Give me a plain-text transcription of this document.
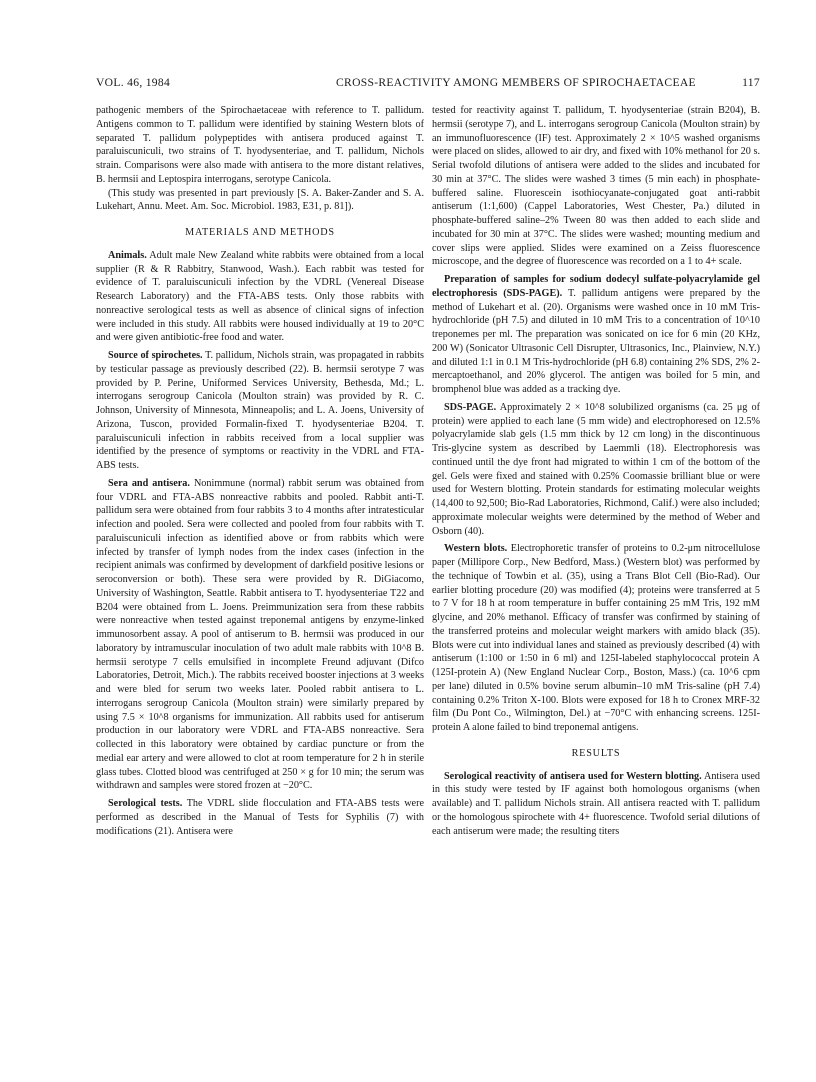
VOL. 46, 1984	CROSS-REACTIVITY AMONG MEMBERS OF SPIROCHAETACEAE	117

pathogenic members of the Spirochaetaceae with reference to T. pallidum. Antigens common to T. pallidum were identified by staining Western blots of separated T. pallidum polypeptides with antisera produced against T. paraluiscuniculi, two strains of T. hyodysenteriae, and T. pallidum, Nichols strain. Comparisons were also made with antisera to the more distant relatives, B. hermsii and Leptospira interrogans, serotype Canicola.

(This study was presented in part previously [S. A. Baker-Zander and S. A. Lukehart, Annu. Meet. Am. Soc. Microbiol. 1983, E31, p. 81]).

MATERIALS AND METHODS

Animals. Adult male New Zealand white rabbits were obtained from a local supplier (R & R Rabbitry, Stanwood, Wash.). Each rabbit was tested for evidence of T. paraluiscuniculi infection by the VDRL (Venereal Disease Research Laboratory) and the FTA-ABS tests. Only those rabbits with nonreactive serological tests as well as absence of clinical signs of infection were included in this study. All rabbits were housed individually at 19 to 20°C and were given antibiotic-free food and water.

Source of spirochetes. T. pallidum, Nichols strain, was propagated in rabbits by testicular passage as previously described (22). B. hermsii serotype 7 was provided by P. Perine, Uniformed Services University, Bethesda, Md.; L. interrogans serogroup Canicola (Moulton strain) was provided by R. C. Johnson, University of Minnesota, Minneapolis; and L. A. Joens, University of Arizona, Tuscon, provided Formalin-fixed T. hyodysenteriae B204. T. paraluiscuniculi infection in rabbits received from a local supplier was identified by the presence of symptoms or reactivity in the VDRL and FTA-ABS tests.

Sera and antisera. Nonimmune (normal) rabbit serum was obtained from four VDRL and FTA-ABS nonreactive rabbits and pooled. Rabbit anti-T. pallidum sera were obtained from four rabbits 3 to 4 months after intratesticular infection and pooled. Sera were collected and pooled from four rabbits with T. paraluiscuniculi infection as identified above or from rabbits which were infected by transfer of lymph nodes from the index cases (infection in the recipient animals was confirmed by development of darkfield positive lesions or seroconversion or both). These sera were provided by R. DiGiacomo, University of Washington, Seattle. Rabbit antisera to T. hyodysenteriae T22 and B204 were obtained from L. Joens. Preimmunization sera from these rabbits were nonreactive when tested against treponemal antigens by enzyme-linked immunosorbent assay. A pool of antiserum to B. hermsii was produced in our laboratory by intramuscular inoculation of two adult male rabbits with 10^8 B. hermsii serotype 7 cells emulsified in incomplete Freund adjuvant (Difco Laboratories, Detroit, Mich.). The rabbits received booster injections at 3 weeks and were bled for serum two weeks later. Pooled rabbit antisera to L. interrogans serogroup Canicola (Moulton strain) were similarly prepared by using 7.5 × 10^8 organisms for immunization. All rabbits used for antiserum production in our laboratory were VDRL and FTA-ABS nonreactive. Sera collected in this laboratory were obtained by cardiac puncture or from the medial ear artery and were allowed to clot at room temperature for 2 h in sterile glass tubes. Clotted blood was centrifuged at 250 × g for 10 min; the serum was withdrawn and samples were stored frozen at −20°C.

Serological tests. The VDRL slide flocculation and FTA-ABS tests were performed as described in the Manual of Tests for Syphilis (7) with modifications (21). Antisera were

tested for reactivity against T. pallidum, T. hyodysenteriae (strain B204), B. hermsii (serotype 7), and L. interrogans serogroup Canicola (Moulton strain) by an immunofluorescence (IF) test. Approximately 2 × 10^5 washed organisms were placed on slides, allowed to air dry, and fixed with 10% methanol for 20 s. Serial twofold dilutions of antisera were added to the slides and incubated for 30 min at 37°C. The slides were washed 3 times (5 min each) in phosphate-buffered saline. Fluorescein isothiocyanate-conjugated goat anti-rabbit antiserum (1:1,600) (Cappel Laboratories, West Chester, Pa.) diluted in phosphate-buffered saline–2% Tween 80 was then added to each slide and incubated for 30 min at 37°C. The slides were washed; mounting medium and cover slips were applied. Slides were examined on a Zeiss fluorescence microscope, and the degree of fluorescence was recorded on a 1 to 4+ scale.

Preparation of samples for sodium dodecyl sulfate-polyacrylamide gel electrophoresis (SDS-PAGE). T. pallidum antigens were prepared by the method of Lukehart et al. (20). Organisms were washed once in 10 mM Tris-hydrochloride (pH 7.5) and diluted in 10 mM Tris to a concentration of 10^10 treponemes per ml. The preparation was sonicated on ice for 6 min (20 KHz, 200 W) (Sonicator Ultrasonic Cell Disrupter, Ultrasonics, Inc., Plainview, N.Y.) and diluted 1:1 in 0.1 M Tris-hydrochloride (pH 6.8) containing 2% SDS, 2% 2-mercaptoethanol, and 20% glycerol. The antigen was boiled for 5 min, and bromphenol blue was added as a tracking dye.

SDS-PAGE. Approximately 2 × 10^8 solubilized organisms (ca. 25 μg of protein) were applied to each lane (5 mm wide) and electrophoresed on 12.5% polyacrylamide slab gels (1.5 mm thick by 12 cm long) in the discontinuous Tris-glycine system as described by Laemmli (18). Electrophoresis was continued until the dye front had migrated to within 1 cm of the bottom of the gel. Gels were fixed and stained with 0.25% Coomassie brilliant blue or were used for Western blotting. Protein standards for estimating molecular weights (14,400 to 92,500; Bio-Rad Laboratories, Richmond, Calif.) were also included; approximate molecular weights were determined by the method of Weber and Osborn (40).

Western blots. Electrophoretic transfer of proteins to 0.2-μm nitrocellulose paper (Millipore Corp., New Bedford, Mass.) (Western blot) was performed by the technique of Towbin et al. (35), using a Trans Blot Cell (Bio-Rad). Our earlier blotting procedure (20) was modified (4); proteins were transferred at 5 to 7 V for 18 h at room temperature in buffer containing 25 mM Tris, 192 mM glycine, and 20% methanol. Efficacy of transfer was confirmed by staining of the transferred proteins and molecular weight markers with amido black (35). Blots were cut into individual lanes and stained as previously described (4) with antiserum (1:100 or 1:50 in 6 ml) and 125I-labeled staphylococcal protein A (125I-protein A) (New England Nuclear Corp., Boston, Mass.) (ca. 10^6 cpm per lane) diluted in 0.5% bovine serum albumin–10 mM Tris-saline (pH 7.4) containing 0.2% Triton X-100. Blots were exposed for 18 h to Cronex MRF-32 film (Du Pont Co., Wilmington, Del.) at −70°C with enhancing screens. 125I-protein A alone failed to bind treponemal antigens.

RESULTS

Serological reactivity of antisera used for Western blotting. Antisera used in this study were tested by IF against both homologous organisms (when available) and T. pallidum Nichols strain. All antisera reacted with T. pallidum or the homologous spirochete with 4+ fluorescence. Twofold serial dilutions of each antiserum were made; the resulting titers
